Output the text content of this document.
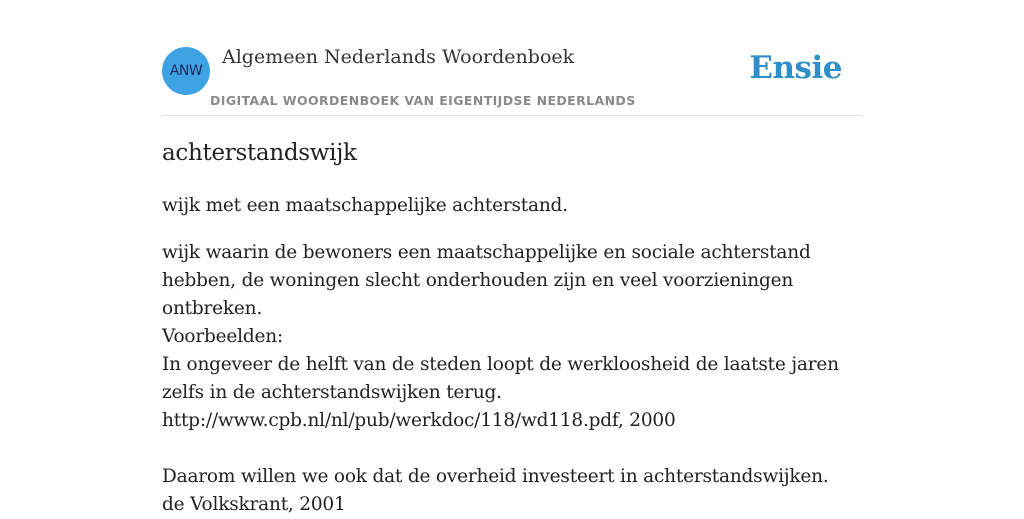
ANW
Algemeen Nederlands Woordenboek
DIGITAAL WOORDENBOEK VAN EIGENTIJDSE NEDERLANDS
Ensie
achterstandswijk
wijk met een maatschappelijke achterstand.
wijk waarin de bewoners een maatschappelijke en sociale achterstand hebben, de woningen slecht onderhouden zijn en veel voorzieningen ontbreken.
Voorbeelden:
In ongeveer de helft van de steden loopt de werkloosheid de laatste jaren zelfs in de achterstandswijken terug.
http://www.cpb.nl/nl/pub/werkdoc/118/wd118.pdf, 2000
Daarom willen we ook dat de overheid investeert in achterstandswijken.
de Volkskrant, 2001
